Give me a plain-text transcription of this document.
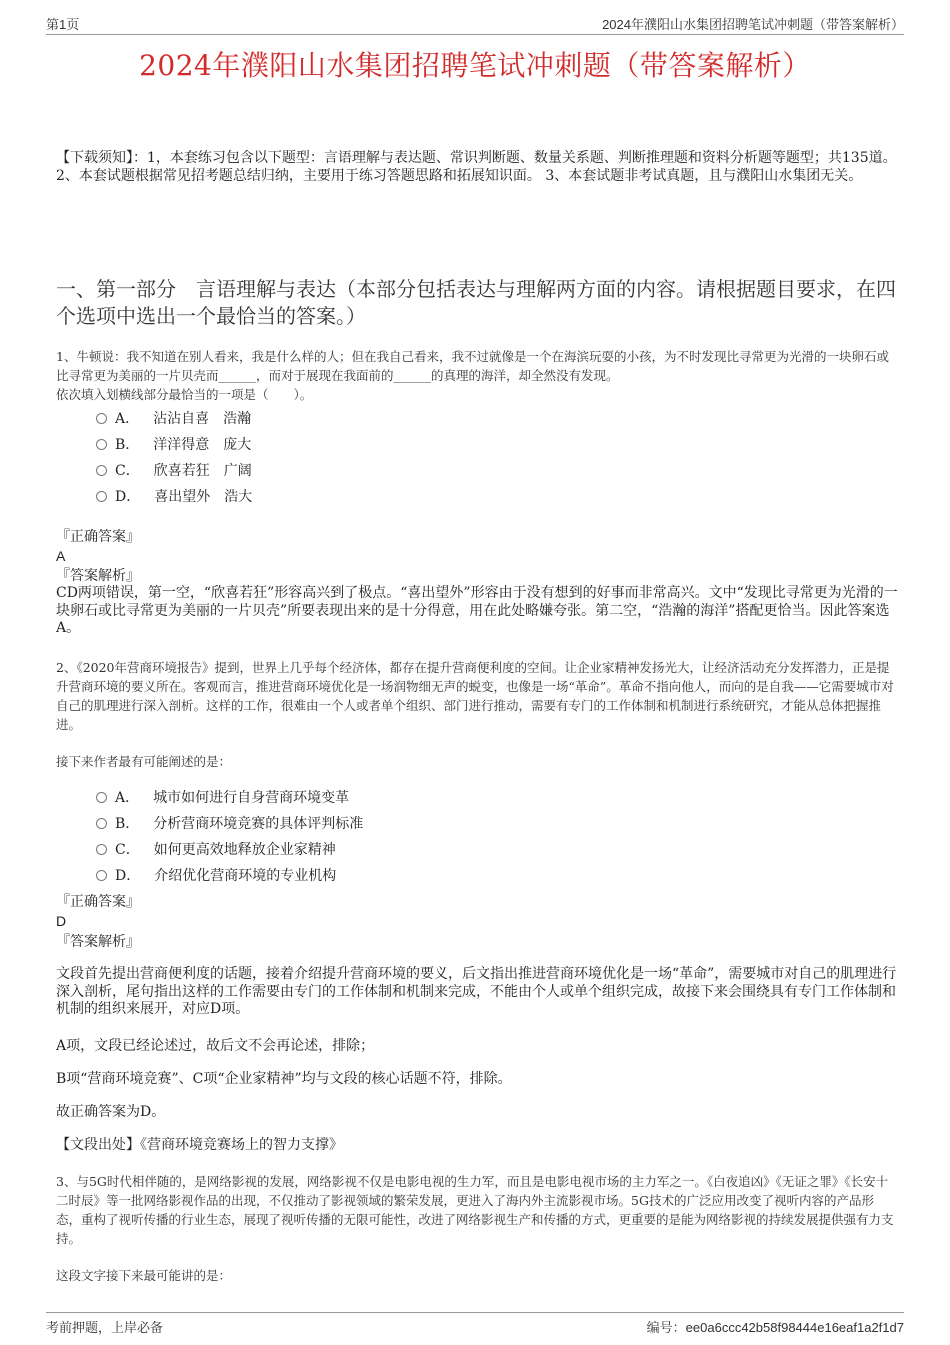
第1页	2024年濮阳山水集团招聘笔试冲刺题（带答案解析）
2024年濮阳山水集团招聘笔试冲刺题（带答案解析）
【下载须知】：1，本套练习包含以下题型：言语理解与表达题、常识判断题、数量关系题、判断推理题和资料分析题等题型；共135道。 2、本套试题根据常见招考题总结归纳，主要用于练习答题思路和拓展知识面。 3、本套试题非考试真题，且与濮阳山水集团无关。
一、第一部分　言语理解与表达（本部分包括表达与理解两方面的内容。请根据题目要求，在四个选项中选出一个最恰当的答案。）
1、牛顿说：我不知道在别人看来，我是什么样的人；但在我自己看来，我不过就像是一个在海滨玩耍的小孩，为不时发现比寻常更为光滑的一块卵石或比寻常更为美丽的一片贝壳而______，而对于展现在我面前的______的真理的海洋，却全然没有发现。
依次填入划横线部分最恰当的一项是（　　）。
A． 沾沾自喜　浩瀚
B． 洋洋得意　庞大
C． 欣喜若狂　广阔
D． 喜出望外　浩大
『正确答案』
A
『答案解析』
CD两项错误，第一空，“欣喜若狂”形容高兴到了极点。“喜出望外”形容由于没有想到的好事而非常高兴。文中“发现比寻常更为光滑的一块卵石或比寻常更为美丽的一片贝壳”所要表现出来的是十分得意，用在此处略嫌夸张。第二空，“浩瀚的海洋”搭配更恰当。因此答案选A。
2、《2020年营商环境报告》提到，世界上几乎每个经济体，都存在提升营商便利度的空间。让企业家精神发扬光大，让经济活动充分发挥潜力，正是提升营商环境的要义所在。客观而言，推进营商环境优化是一场润物细无声的蜕变，也像是一场“革命”。革命不指向他人，而向的是自我——它需要城市对自己的肌理进行深入剖析。这样的工作，很难由一个人或者单个组织、部门进行推动，需要有专门的工作体制和机制进行系统研究，才能从总体把握推进。
接下来作者最有可能阐述的是：
A． 城市如何进行自身营商环境变革
B． 分析营商环境竞赛的具体评判标准
C． 如何更高效地释放企业家精神
D． 介绍优化营商环境的专业机构
『正确答案』
D
『答案解析』
文段首先提出营商便利度的话题，接着介绍提升营商环境的要义，后文指出推进营商环境优化是一场“革命”，需要城市对自己的肌理进行深入剖析，尾句指出这样的工作需要由专门的工作体制和机制来完成，不能由个人或单个组织完成，故接下来会围绕具有专门工作体制和机制的组织来展开，对应D项。
A项，文段已经论述过，故后文不会再论述，排除；
B项“营商环境竞赛”、C项“企业家精神”均与文段的核心话题不符，排除。
故正确答案为D。
【文段出处】《营商环境竞赛场上的智力支撑》
3、与5G时代相伴随的，是网络影视的发展，网络影视不仅是电影电视的生力军，而且是电影电视市场的主力军之一。《白夜追凶》《无证之罪》《长安十二时辰》等一批网络影视作品的出现，不仅推动了影视领域的繁荣发展，更进入了海内外主流影视市场。5G技术的广泛应用改变了视听内容的产品形态，重构了视听传播的行业生态，展现了视听传播的无限可能性，改进了网络影视生产和传播的方式，更重要的是能为网络影视的持续发展提供强有力支持。
这段文字接下来最可能讲的是：
考前押题，上岸必备	编号：ee0a6ccc42b58f98444e16eaf1a2f1d7
